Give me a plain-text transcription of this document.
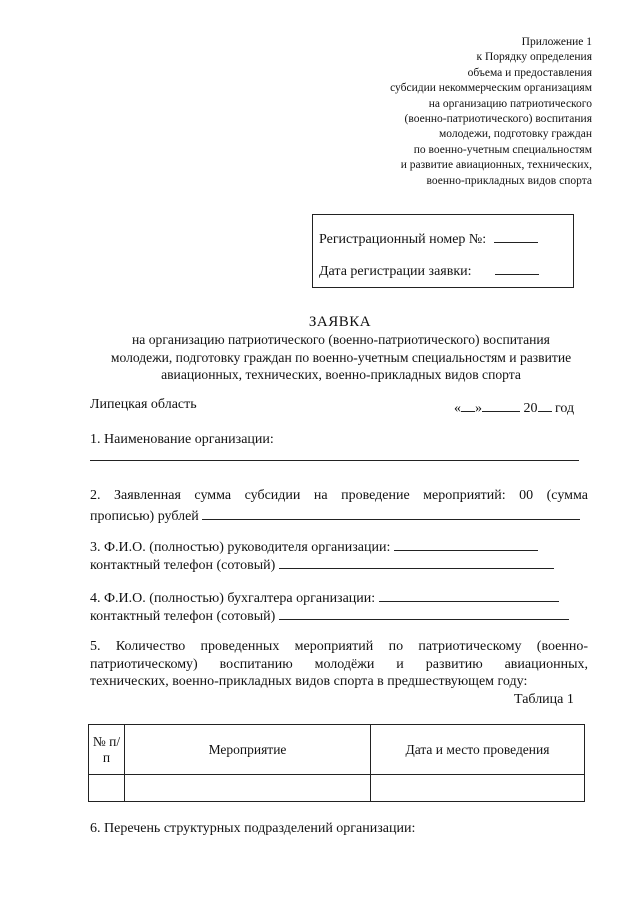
Приложение 1
к Порядку определения
объема и предоставления
субсидии некоммерческим организациям
на организацию патриотического
(военно-патриотического) воспитания
молодежи, подготовку граждан
по военно-учетным специальностям
и развитие авиационных, технических,
военно-прикладных видов спорта
Регистрационный номер №:
Дата регистрации заявки:
ЗАЯВКА
на организацию патриотического (военно-патриотического) воспитания
молодежи, подготовку граждан по военно-учетным специальностям и развитие
авиационных, технических, военно-прикладных видов спорта
Липецкая область	« »	20 год
1. Наименование организации:
2. Заявленная сумма субсидии на проведение мероприятий: 00 (сумма
прописью) рублей
3. Ф.И.О. (полностью) руководителя организации:
контактный телефон (сотовый)
4. Ф.И.О. (полностью) бухгалтера организации:
контактный телефон (сотовый)
5. Количество проведенных мероприятий по патриотическому (военно-
патриотическому) воспитанию молодёжи и развитию авиационных,
технических, военно-прикладных видов спорта в предшествующем году:
Таблица 1
№ п/п	Мероприятие	Дата и место проведения

6. Перечень структурных подразделений организации:
